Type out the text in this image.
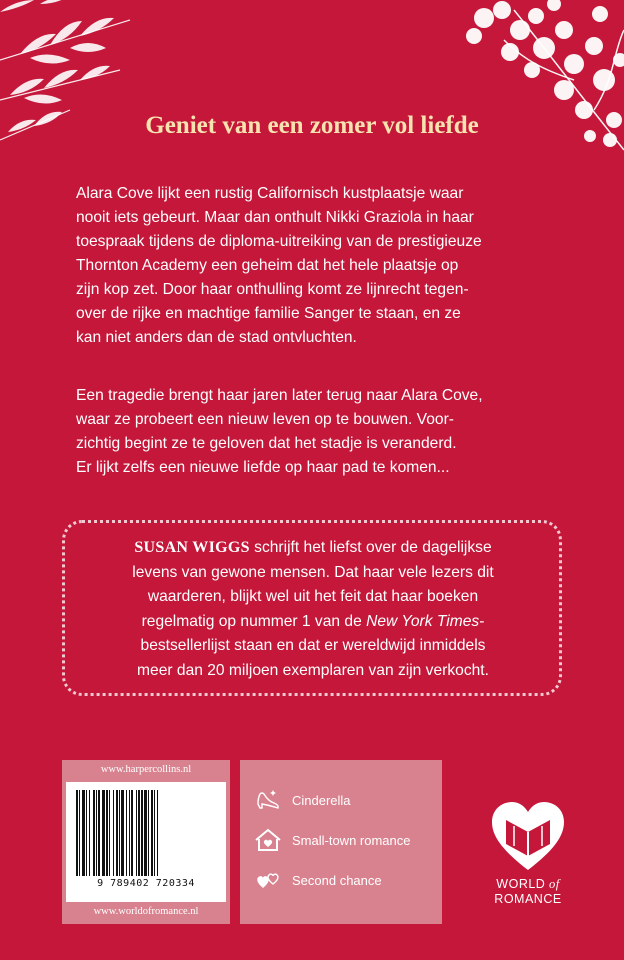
Geniet van een zomer vol liefde

Alara Cove lijkt een rustig Californisch kustplaatsje waar
nooit iets gebeurt. Maar dan onthult Nikki Graziola in haar
toespraak tijdens de diploma-uitreiking van de prestigieuze
Thornton Academy een geheim dat het hele plaatsje op
zijn kop zet. Door haar onthulling komt ze lijnrecht tegen-
over de rijke en machtige familie Sanger te staan, en ze
kan niet anders dan de stad ontvluchten.

Een tragedie brengt haar jaren later terug naar Alara Cove,
waar ze probeert een nieuw leven op te bouwen. Voor-
zichtig begint ze te geloven dat het stadje is veranderd.
Er lijkt zelfs een nieuwe liefde op haar pad te komen...

SUSAN WIGGS schrijft het liefst over de dagelijkse
levens van gewone mensen. Dat haar vele lezers dit
waarderen, blijkt wel uit het feit dat haar boeken
regelmatig op nummer 1 van de New York Times-
bestsellerlijst staan en dat er wereldwijd inmiddels
meer dan 20 miljoen exemplaren van zijn verkocht.
www.harpercollins.nl
9 789402 720334
www.worldofromance.nl
Cinderella
Small-town romance
Second chance	WORLD of
ROMANCE
